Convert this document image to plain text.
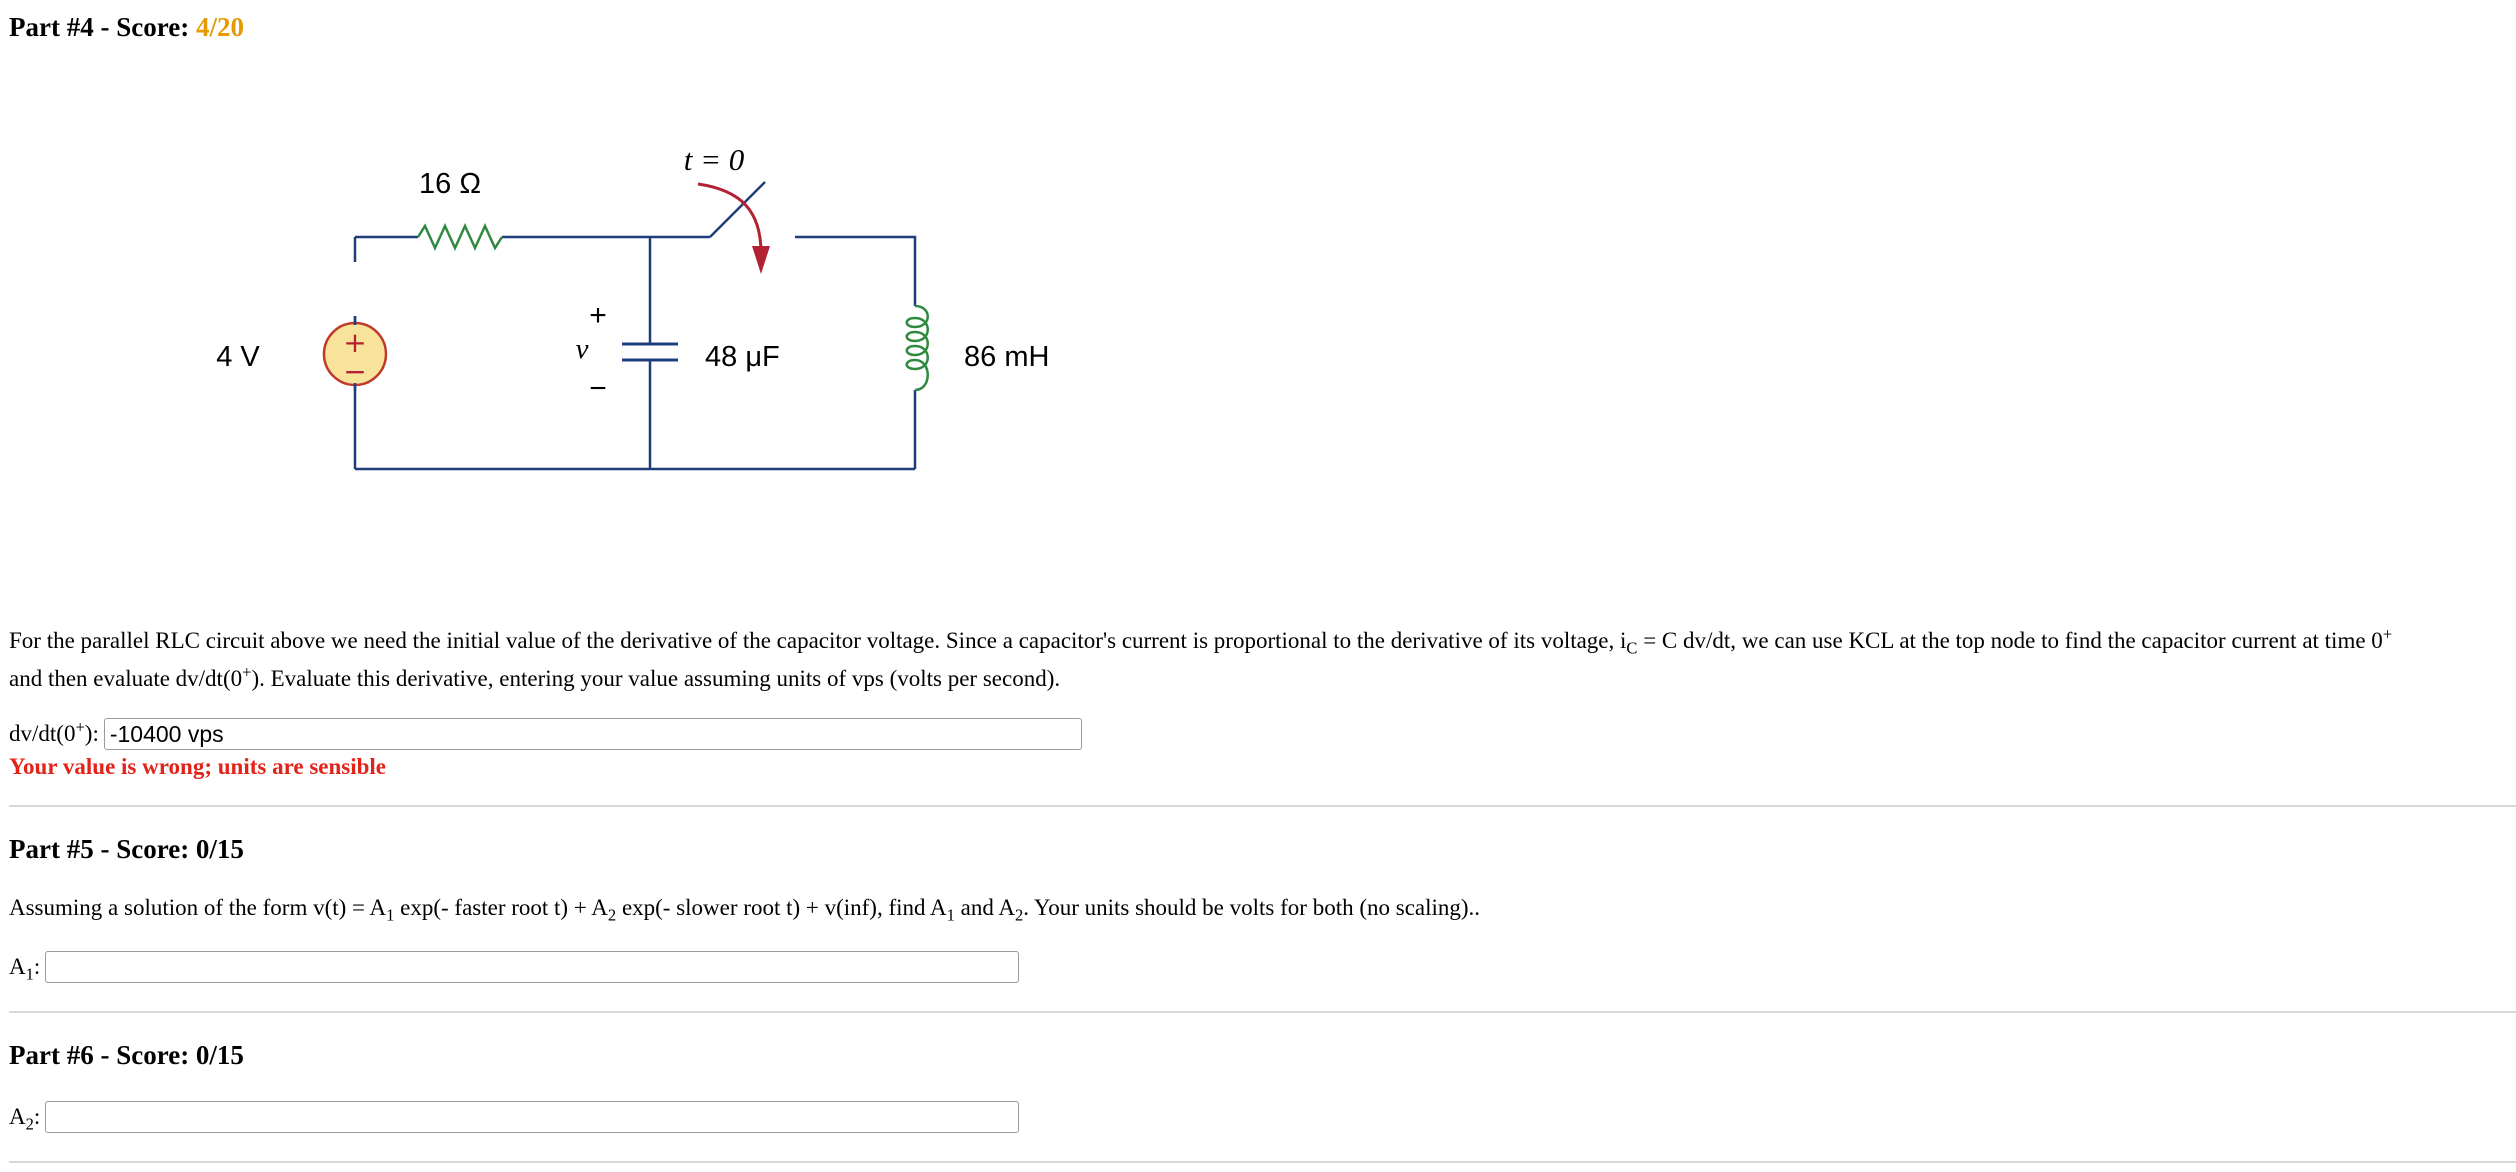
Part #4 - Score: 4/20
+
−
4 V
16 Ω
t = 0
+
v
−
48 μF	86 mH

For the parallel RLC circuit above we need the initial value of the derivative of the capacitor voltage. Since a capacitor's current is proportional to the derivative of its voltage, $i_C = C$ dv/dt, we can use KCL at the top node to find the capacitor current at time 0+
and then evaluate dv/dt(0+). Evaluate this derivative, entering your value assuming units of vps (volts per second).

dv/dt(0+):
-10400 vps
Your value is wrong; units are sensible
Part #5 - Score: 0/15

Assuming a solution of the form $v(t) = A_1$ exp(- faster root $t) + A_2$ exp(- slower root t) + v(inf), find $A_1$ and $A_2$. Your units should be volts for both (no scaling)..

$A_1$:
Part #6 - Score: 0/15
$A_2$:
